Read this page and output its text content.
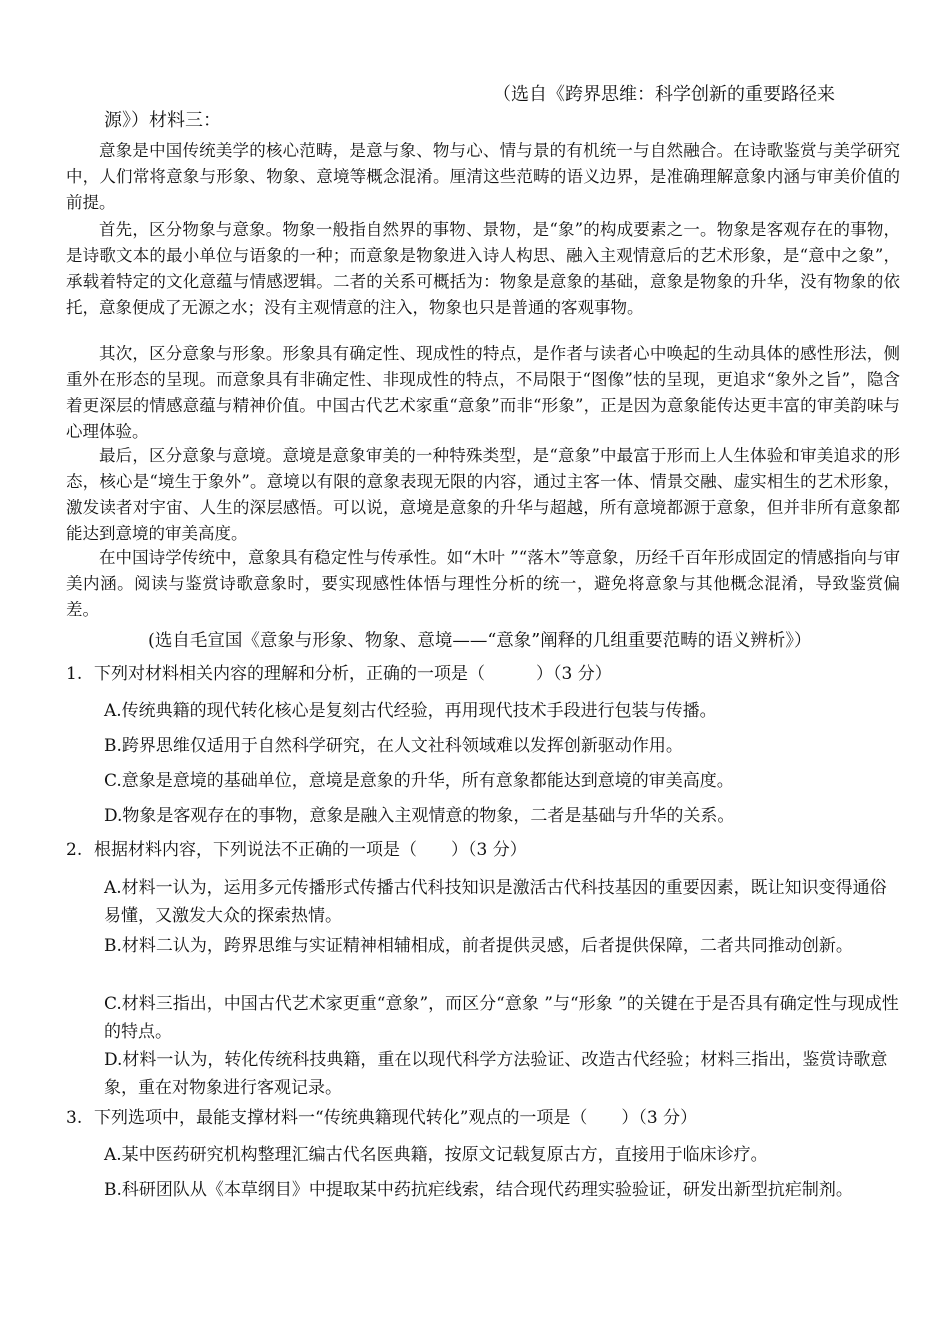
（选自《跨界思维：科学创新的重要路径来
源》）材料三：

意象是中国传统美学的核心范畴，是意与象、物与心、情与景的有机统一与自然融合。在诗歌鉴赏与美学研究中，人们常将意象与形象、物象、意境等概念混淆。厘清这些范畴的语义边界，是准确理解意象内涵与审美价值的前提。

首先，区分物象与意象。物象一般指自然界的事物、景物，是“象”的构成要素之一。物象是客观存在的事物，是诗歌文本的最小单位与语象的一种；而意象是物象进入诗人构思、融入主观情意后的艺术形象，是“意中之象”，承载着特定的文化意蕴与情感逻辑。二者的关系可概括为：物象是意象的基础，意象是物象的升华，没有物象的依托，意象便成了无源之水；没有主观情意的注入，物象也只是普通的客观事物。

其次，区分意象与形象。形象具有确定性、现成性的特点，是作者与读者心中唤起的生动具体的感性形法，侧重外在形态的呈现。而意象具有非确定性、非现成性的特点，不局限于“图像”怯的呈现，更追求“象外之旨”，隐含着更深层的情感意蕴与精神价值。中国古代艺术家重“意象”而非“形象”，正是因为意象能传达更丰富的审美韵味与心理体验。

最后，区分意象与意境。意境是意象审美的一种特殊类型，是“意象”中最富于形而上人生体验和审美追求的形态，核心是“境生于象外”。意境以有限的意象表现无限的内容，通过主客一体、情景交融、虚实相生的艺术形象，激发读者对宇宙、人生的深层感悟。可以说，意境是意象的升华与超越，所有意境都源于意象，但并非所有意象都能达到意境的审美高度。

在中国诗学传统中，意象具有稳定性与传承性。如“木叶 ”“落木”等意象，历经千百年形成固定的情感指向与审美内涵。阅读与鉴赏诗歌意象时，要实现感性体悟与理性分析的统一，避免将意象与其他概念混淆，导致鉴赏偏差。

(选自毛宣国《意象与形象、物象、意境——“意象”阐释的几组重要范畴的语义辨析》）
1. 下列对材料相关内容的理解和分析，正确的一项是（　　　）（3 分）

A.传统典籍的现代转化核心是复刻古代经验，再用现代技术手段进行包装与传播。

B.跨界思维仅适用于自然科学研究，在人文社科领域难以发挥创新驱动作用。

C.意象是意境的基础单位，意境是意象的升华，所有意象都能达到意境的审美高度。

D.物象是客观存在的事物，意象是融入主观情意的物象，二者是基础与升华的关系。

2. 根据材料内容，下列说法不正确的一项是（　　）（3 分）

A.材料一认为，运用多元传播形式传播古代科技知识是激活古代科技基因的重要因素，既让知识变得通俗易懂，又激发大众的探索热情。

B.材料二认为，跨界思维与实证精神相辅相成，前者提供灵感，后者提供保障，二者共同推动创新。

C.材料三指出，中国古代艺术家更重“意象”，而区分“意象 ”与“形象 ”的关键在于是否具有确定性与现成性的特点。

D.材料一认为，转化传统科技典籍，重在以现代科学方法验证、改造古代经验；材料三指出，鉴赏诗歌意象，重在对物象进行客观记录。

3. 下列选项中，最能支撑材料一“传统典籍现代转化”观点的一项是（　　）（3 分）

A.某中医药研究机构整理汇编古代名医典籍，按原文记载复原古方，直接用于临床诊疗。

B.科研团队从《本草纲目》中提取某中药抗疟线索，结合现代药理实验验证，研发出新型抗疟制剂。
